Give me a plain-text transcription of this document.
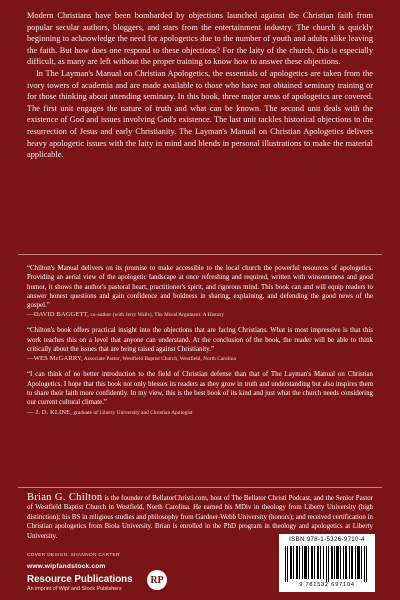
Modern Christians have been bombarded by objections launched against the Christian faith from popular secular authors, bloggers, and stars from the entertainment industry. The church is quickly beginning to acknowledge the need for apologetics due to the number of youth and adults alike leaving the faith. But how does one respond to these objections? For the laity of the church, this is especially difficult, as many are left without the proper training to know how to answer these objections.

In The Layman's Manual on Christian Apologetics, the essentials of apologetics are taken from the ivory towers of academia and are made available to those who have not obtained seminary training or for those thinking about attending seminary. In this book, three major areas of apologetics are covered. The first unit engages the nature of truth and what can be known. The second unit deals with the existence of God and issues involving God's existence. The last unit tackles historical objections to the resurrection of Jesus and early Christianity. The Layman's Manual on Christian Apologetics delivers heavy apologetic issues with the laity in mind and blends in personal illustrations to make the material applicable.

“Chilton's Manual delivers on its promise to make accessible to the local church the powerful resources of apologetics. Providing an aerial view of the apologetic landscape at once refreshing and required, written with winsomeness and good humor, it shows the author's pastoral heart, practitioner's spirit, and rigorous mind. This book can and will equip readers to answer honest questions and gain confidence and boldness in sharing, explaining, and defending the good news of the gospel.”

—DAVID BAGGETT, co-author (with Jerry Walls), The Moral Argument: A History

“Chilton's book offers practical insight into the objections that are facing Christians. What is most impressive is that this work teaches this on a level that anyone can understand. At the conclusion of the book, the reader will be able to think critically about the issues that are being raised against Christianity.”

—WES McGARRY, Associate Pastor, Westfield Baptist Church, Westfield, North Carolina

“I can think of no better introduction to the field of Christian defense than that of The Layman's Manual on Christian Apologetics. I hope that this book not only blesses its readers as they grow in truth and understanding but also inspires them to share their faith more confidently. In my view, this is the best book of its kind and just what the church needs considering our current cultural climate.”

— J. D. KLINE, graduate of Liberty University and Christian Apologist

Brian G. Chilton is the founder of BellatorChristi.com, host of The Bellator Christi Podcast, and the Senior Pastor of Westfield Baptist Church in Westfield, North Carolina. He earned his MDiv in theology from Liberty University (high distinction); his BS in religious studies and philosophy from Gardner-Webb University (honors); and received certification in Christian apologetics from Biola University. Brian is enrolled in the PhD program in theology and apologetics at Liberty University.

COVER DESIGN: SHANNON CARTER
www.wipfandstock.com
Resource Publications
An imprint of Wipf and Stock Publishers
RP
ISBN 978-1-5326-9710-4
9 781532 697104
